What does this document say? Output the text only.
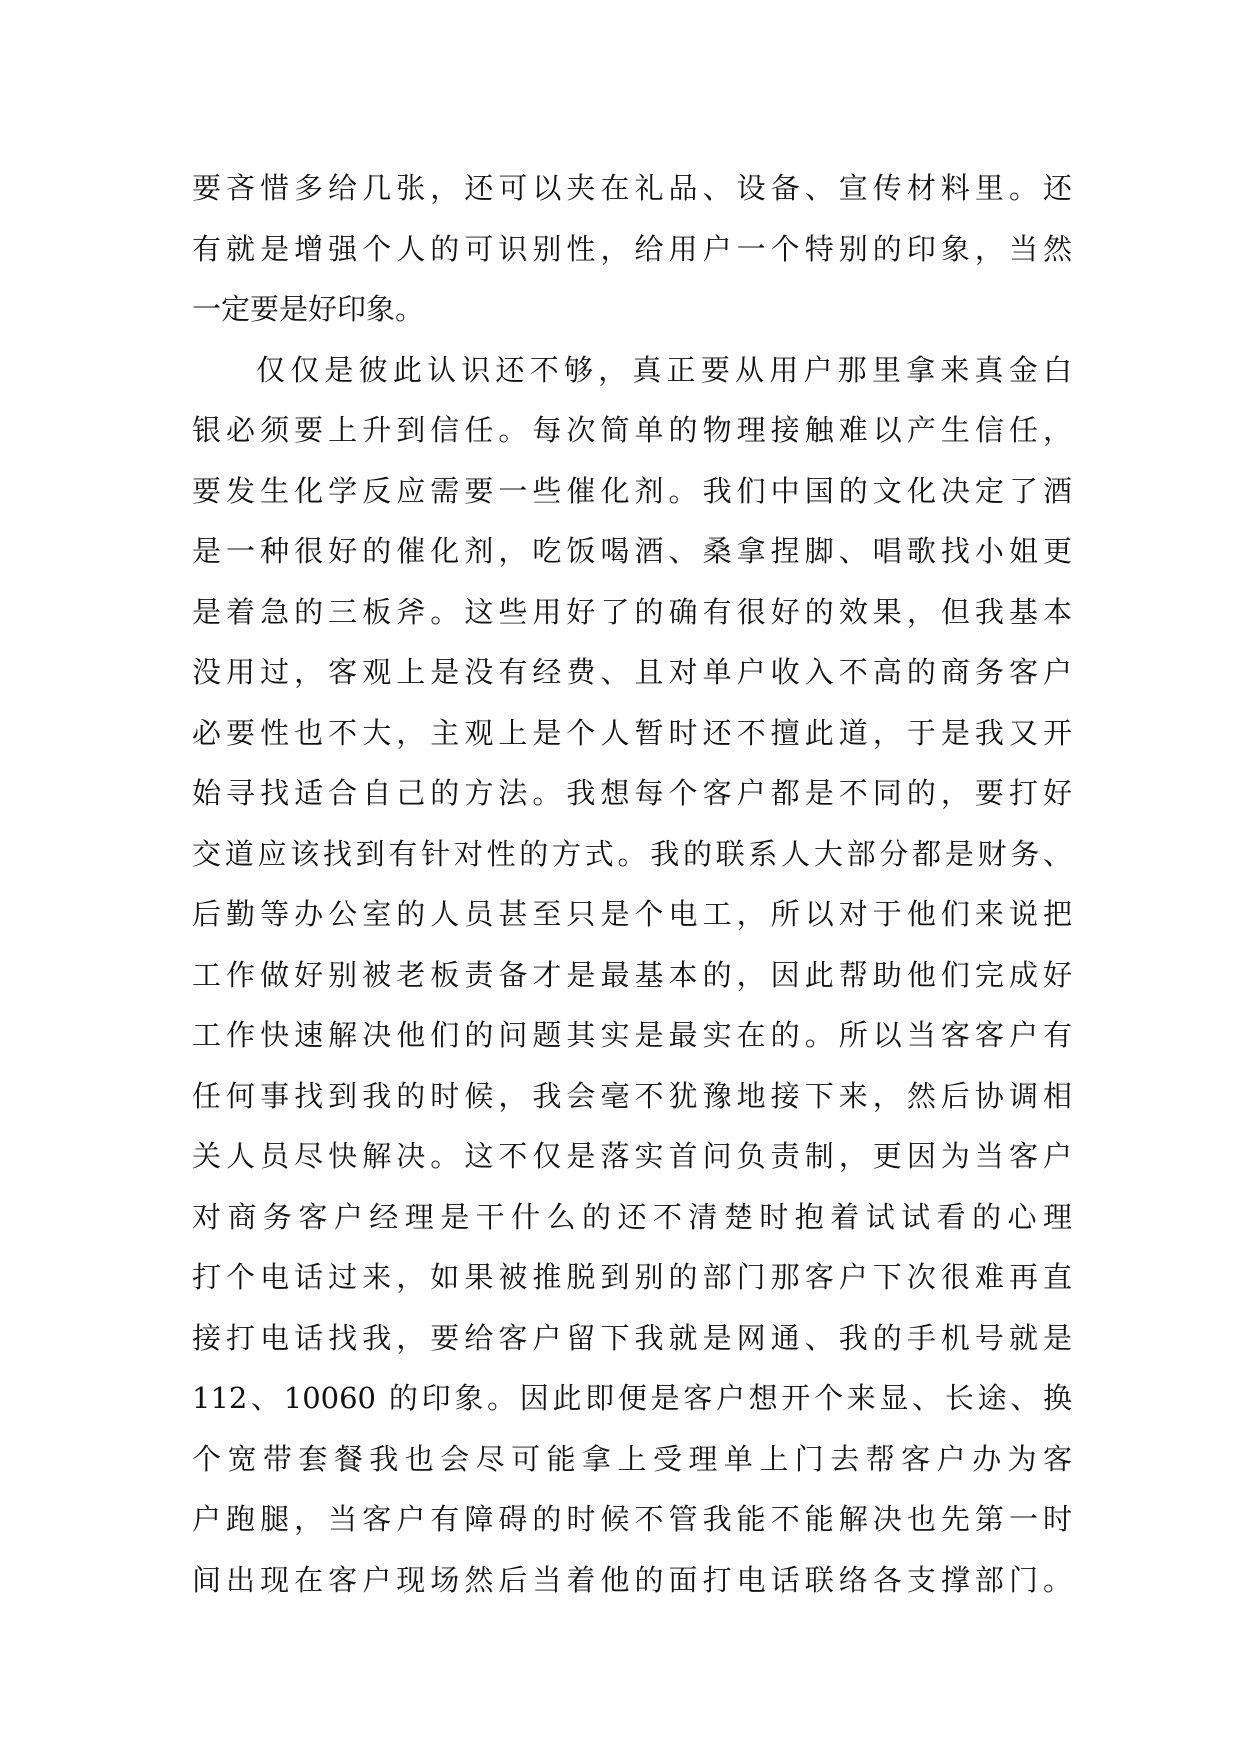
要吝惜多给几张，还可以夹在礼品、设备、宣传材料里。还
有就是增强个人的可识别性，给用户一个特别的印象，当然
一定要是好印象。
仅仅是彼此认识还不够，真正要从用户那里拿来真金白
银必须要上升到信任。每次简单的物理接触难以产生信任，
要发生化学反应需要一些催化剂。我们中国的文化决定了酒
是一种很好的催化剂，吃饭喝酒、桑拿捏脚、唱歌找小姐更
是着急的三板斧。这些用好了的确有很好的效果，但我基本
没用过，客观上是没有经费、且对单户收入不高的商务客户
必要性也不大，主观上是个人暂时还不擅此道，于是我又开
始寻找适合自己的方法。我想每个客户都是不同的，要打好
交道应该找到有针对性的方式。我的联系人大部分都是财务、
后勤等办公室的人员甚至只是个电工，所以对于他们来说把
工作做好别被老板责备才是最基本的，因此帮助他们完成好
工作快速解决他们的问题其实是最实在的。所以当客客户有
任何事找到我的时候，我会毫不犹豫地接下来，然后协调相
关人员尽快解决。这不仅是落实首问负责制，更因为当客户
对商务客户经理是干什么的还不清楚时抱着试试看的心理
打个电话过来，如果被推脱到别的部门那客户下次很难再直
接打电话找我，要给客户留下我就是网通、我的手机号就是
112、10060 的印象。因此即便是客户想开个来显、长途、换
个宽带套餐我也会尽可能拿上受理单上门去帮客户办为客
户跑腿，当客户有障碍的时候不管我能不能解决也先第一时
间出现在客户现场然后当着他的面打电话联络各支撑部门。
